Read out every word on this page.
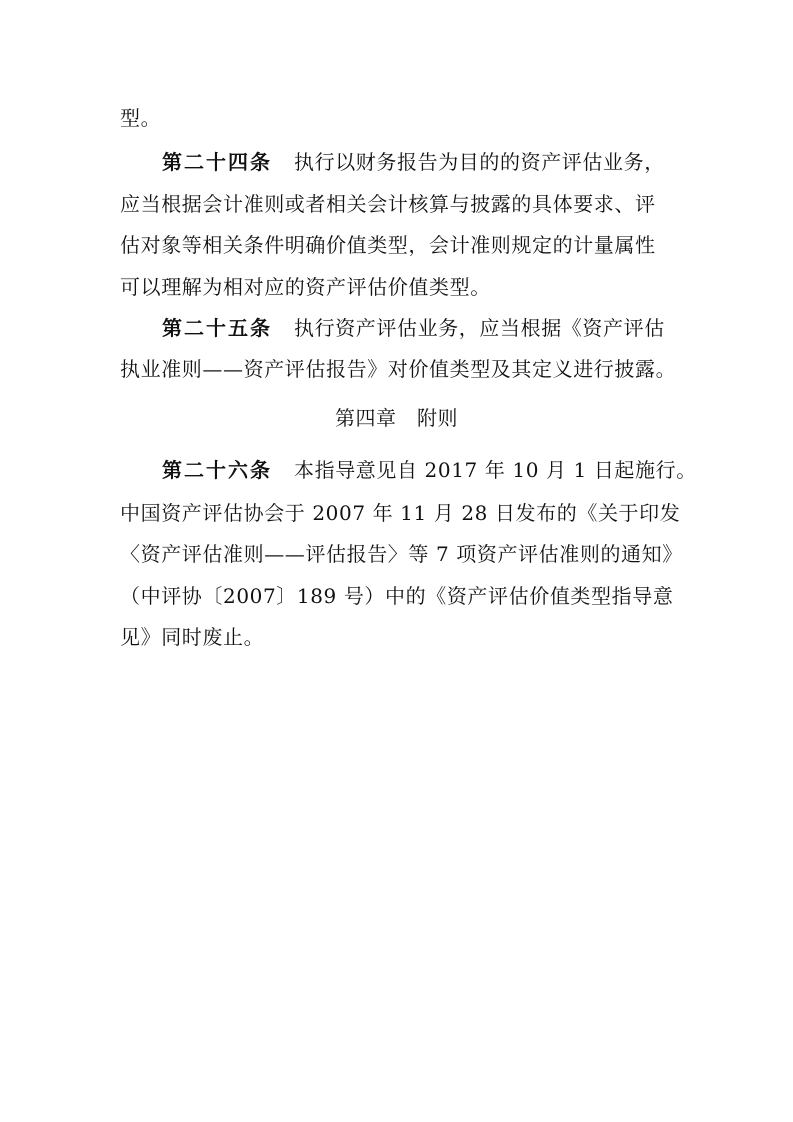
型。
第二十四条 执行以财务报告为目的的资产评估业务，
应当根据会计准则或者相关会计核算与披露的具体要求、评
估对象等相关条件明确价值类型，会计准则规定的计量属性
可以理解为相对应的资产评估价值类型。
第二十五条 执行资产评估业务，应当根据《资产评估
执业准则——资产评估报告》对价值类型及其定义进行披露。
第四章　附则
第二十六条 本指导意见自 2017 年 10 月 1 日起施行。
中国资产评估协会于 2007 年 11 月 28 日发布的《关于印发
〈资产评估准则——评估报告〉等 7 项资产评估准则的通知》
（中评协〔2007〕189 号）中的《资产评估价值类型指导意
见》同时废止。
